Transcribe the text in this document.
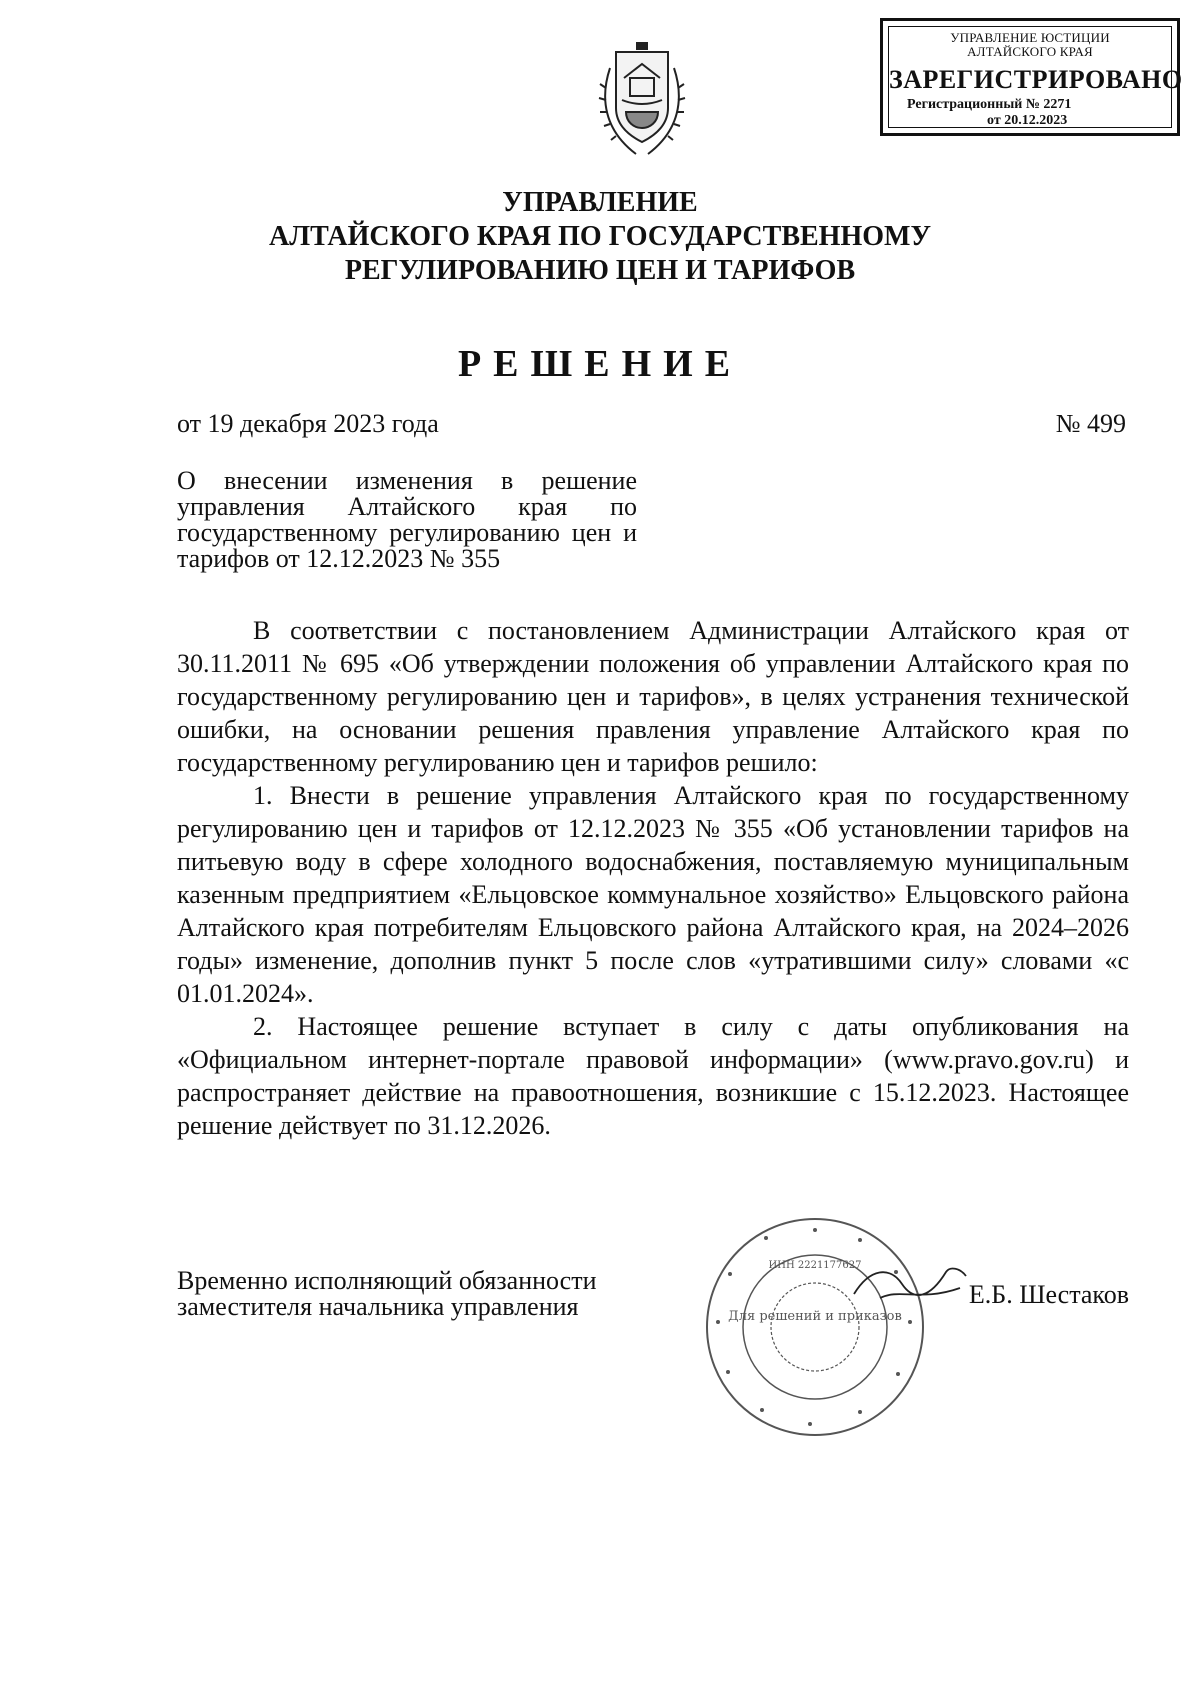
УПРАВЛЕНИЕ ЮСТИЦИИ
АЛТАЙСКОГО КРАЯ
ЗАРЕГИСТРИРОВАНО
Регистрационный № 2271
от 20.12.2023
УПРАВЛЕНИЕ
АЛТАЙСКОГО КРАЯ ПО ГОСУДАРСТВЕННОМУ
РЕГУЛИРОВАНИЮ ЦЕН И ТАРИФОВ
РЕШЕНИЕ
от 19 декабря 2023 года	№ 499
О внесении изменения в решение управления Алтайского края по государственному регулированию цен и тарифов от 12.12.2023 № 355

В соответствии с постановлением Администрации Алтайского края от 30.11.2011 № 695 «Об утверждении положения об управлении Алтайского края по государственному регулированию цен и тарифов», в целях устранения технической ошибки, на основании решения правления управление Алтайского края по государственному регулированию цен и тарифов решило:

1. Внести в решение управления Алтайского края по государственному регулированию цен и тарифов от 12.12.2023 № 355 «Об установлении тарифов на питьевую воду в сфере холодного водоснабжения, поставляемую муниципальным казенным предприятием «Ельцовское коммунальное хозяйство» Ельцовского района Алтайского края потребителям Ельцовского района Алтайского края, на 2024–2026 годы» изменение, дополнив пункт 5 после слов «утратившими силу» словами «с 01.01.2024».

2. Настоящее решение вступает в силу с даты опубликования на «Официальном интернет-портале правовой информации» (www.pravo.gov.ru) и распространяет действие на правоотношения, возникшие с 15.12.2023. Настоящее решение действует по 31.12.2026.

Временно исполняющий обязанности
заместителя начальника управления	Для решений и приказов
ИНН 2221177627
Е.Б. Шестаков
